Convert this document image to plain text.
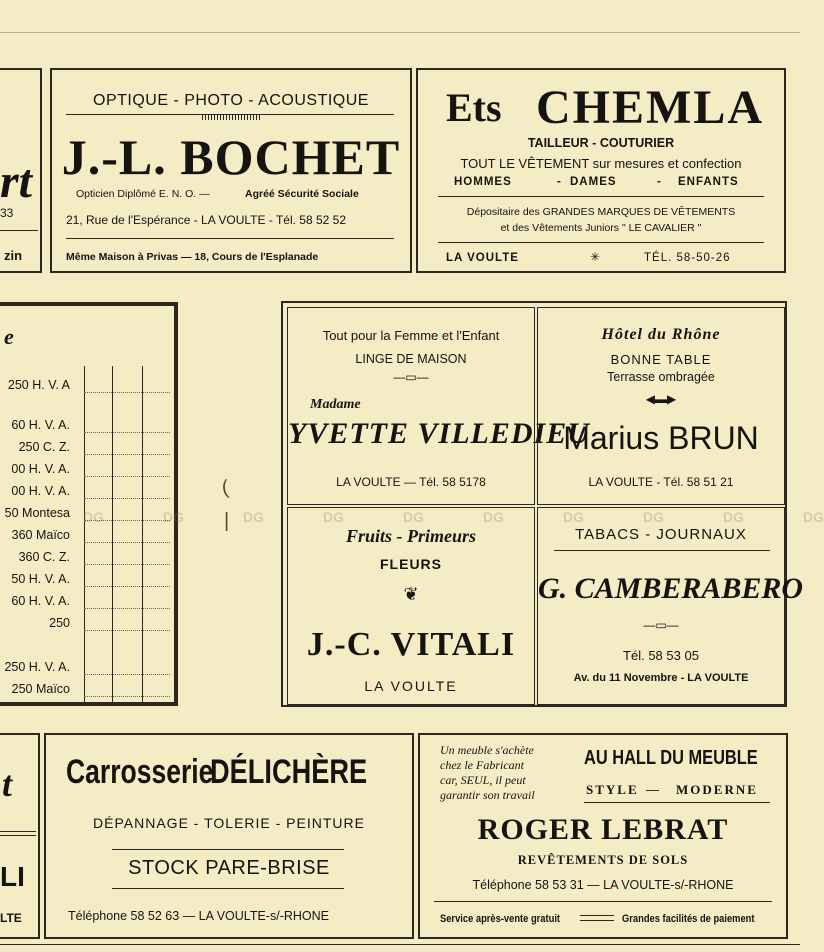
rt
33
zin
OPTIQUE - PHOTO - ACOUSTIQUE
J.-L. BOCHET
Opticien Diplômé E. N. O. —	Agréé Sécurité Sociale
21, Rue de l'Espérance - LA VOULTE - Tél. 58 52 52
Même Maison à Privas — 18, Cours de l'Esplanade
Ets CHEMLA
TAILLEUR - COUTURIER
TOUT LE VÊTEMENT sur mesures et confection
HOMMES	- DAMES	- ENFANTS
Dépositaire des GRANDES MARQUES DE VÊTEMENTS
et des Vêtements Juniors " LE CAVALIER "
LA VOULTE	✳	TÉL. 58-50-26
e
250 H. V. A
60 H. V. A.
250 C. Z.
00 H. V. A.
00 H. V. A.
50 Montesa
360 Maïco
360 C. Z.
50 H. V. A.
60 H. V. A.
250
250 H. V. A.
250 Maïco
(
|
Tout pour la Femme et l'Enfant
LINGE DE MAISON
—▭—
Madame
YVETTE VILLEDIEU
LA VOULTE — Tél. 58 5178
Hôtel du Rhône
BONNE TABLE
Terrasse ombragée
◀▬▶
Marius BRUN
LA VOULTE - Tél. 58 51 21
Fruits - Primeurs
FLEURS
❦
J.-C. VITALI
LA VOULTE
TABACS - JOURNAUX
G. CAMBERABERO
—▭—
Tél. 58 53 05
Av. du 11 Novembre - LA VOULTE
DG	DG	DG	DG	DG	DG	DG	DG	DG	DG
t
LI
LTE
Carrosserie
DÉLICHÈRE
DÉPANNAGE - TOLERIE - PEINTURE
STOCK PARE-BRISE
Téléphone 58 52 63 — LA VOULTE-s/-RHONE
Un meuble s'achète
chez le Fabricant
car, SEUL, il peut
garantir son travail
AU HALL DU MEUBLE
STYLE — MODERNE
ROGER LEBRAT
REVÊTEMENTS DE SOLS
Téléphone 58 53 31 — LA VOULTE-s/-RHONE
Service après-vente gratuit	Grandes facilités de paiement
